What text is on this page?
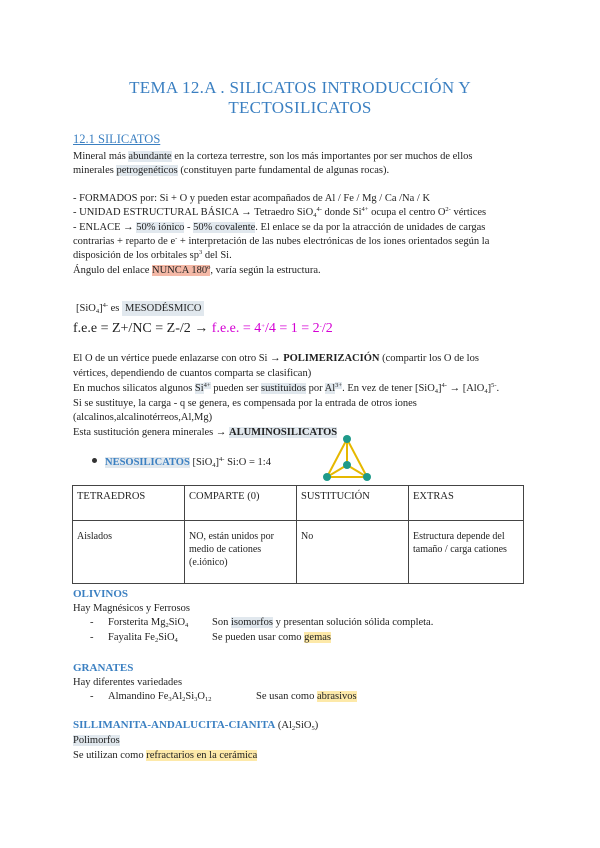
TEMA 12.A . SILICATOS INTRODUCCIÓN Y
TECTOSILICATOS
12.1 SILICATOS
Mineral más abundante en la corteza terrestre, son los más importantes por ser muchos de ellos
minerales petrogenéticos (constituyen parte fundamental de algunas rocas).
- FORMADOS por: Si + O y pueden estar acompañados de Al / Fe / Mg / Ca /Na / K
- UNIDAD ESTRUCTURAL BÁSICA → Tetraedro SiO$_4^{4-}$ donde $Si^{4+}$ ocupa el centro $O^{2-}$ vértices
- ENLACE → 50% iónico - 50% covalente. El enlace se da por la atracción de unidades de cargas
contrarias + reparto de e- + interpretación de las nubes electrónicas de los iones orientados según la
disposición de los orbitales $sp^3$ del Si.
Ángulo del enlace NUNCA 180º, varía según la estructura.
$[SiO_4]^{4-}$ es MESODÉSMICO
f.e.e = Z+/NC = Z-/2 → f.e.e. = 4+/4 = 1 = 2-/2
El O de un vértice puede enlazarse con otro Si → POLIMERIZACIÓN (compartir los O de los
vértices, dependiendo de cuantos comparta se clasifican)
En muchos silicatos algunos $Si^{4+}$ pueden ser sustituidos por $Al^{3+}$. En vez de tener $[SiO_4]^{4-} \to [AlO_4]^{5-}$.
Si se sustituye, la carga - q se genera, es compensada por la entrada de otros iones
(alcalinos,alcalinotérreos,Al,Mg)
Esta sustitución genera minerales → ALUMINOSILICATOS
NESOSILICATOS $[SiO_4]^{4-}$ Si:O = 1:4
TETRAEDROS	COMPARTE (0)	SUSTITUCIÓN	EXTRAS
Aislados	NO, están unidos por medio de cationes (e.iónico)	No	Estructura depende del tamaño / carga cationes
OLIVINOS
Hay Magnésicos y Ferrosos
- Forsterita $Mg_2SiO_4$ Son isomorfos y presentan solución sólida completa.
- Fayalita $Fe_2SiO_4$	Se pueden usar como gemas
GRANATES
Hay diferentes variedades
- Almandino $Fe_3Al_2Si_3O_{12}$	Se usan como abrasivos
SILLIMANITA-ANDALUCITA-CIANITA $(Al_2SiO_5)$
Polimorfos
Se utilizan como refractarios en la cerámica
